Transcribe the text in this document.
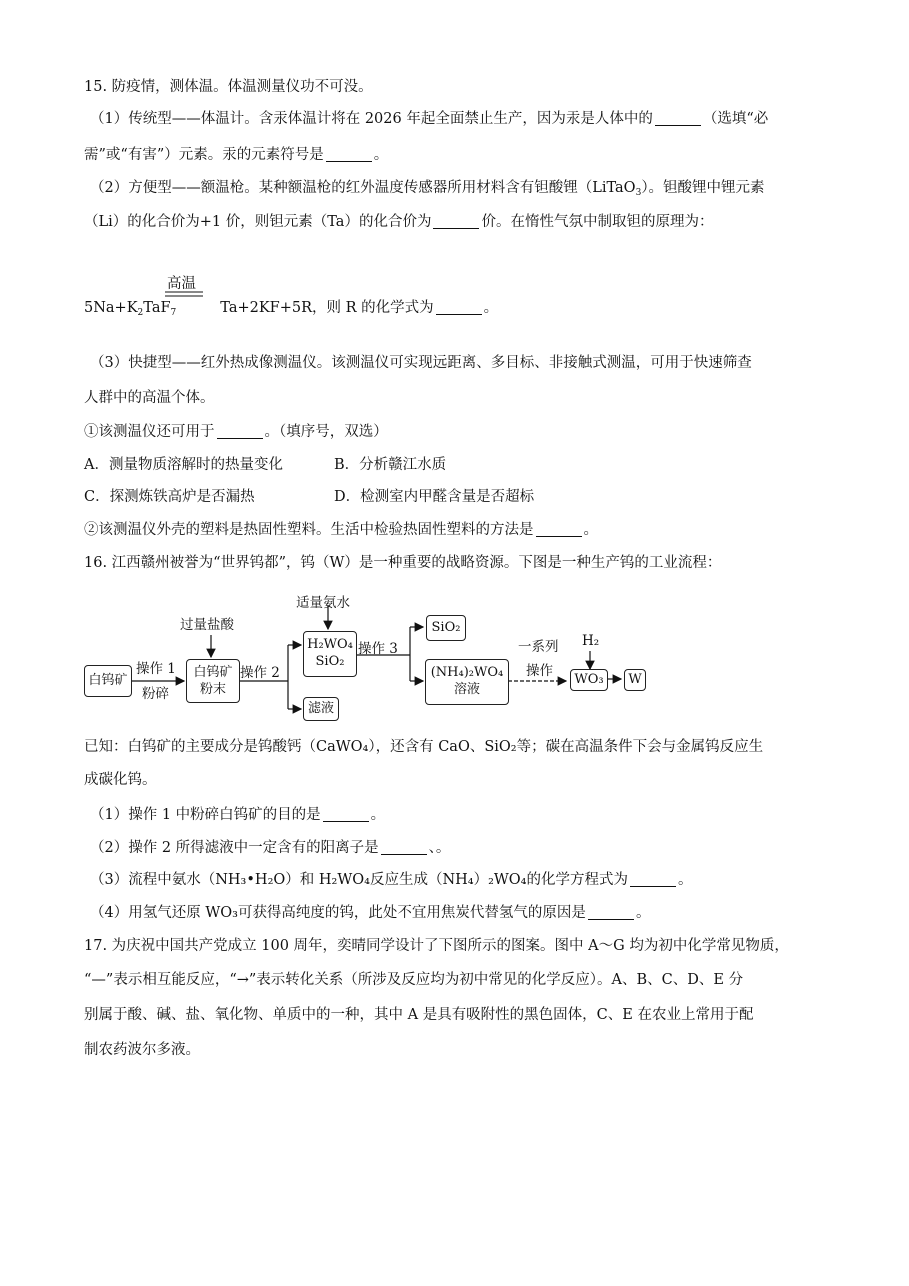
15. 防疫情，测体温。体温测量仪功不可没。
（1）传统型——体温计。含汞体温计将在 2026 年起全面禁止生产，因为汞是人体中的	（选填“必
需”或“有害”）元素。汞的元素符号是	。
（2）方便型——额温枪。某种额温枪的红外温度传感器所用材料含有钽酸锂（LiTaO$_3$）。钽酸锂中锂元素
（Li）的化合价为+1 价，则钽元素（Ta）的化合价为	价。在惰性气氛中制取钽的原理为：
高温
$5Na+K_2TaF_7$	Ta+2KF+5R，则 R 的化学式为	。
（3）快捷型——红外热成像测温仪。该测温仪可实现远距离、多目标、非接触式测温，可用于快速筛查
人群中的高温个体。
①该测温仪还可用于	。（填序号，双选）
A．测量物质溶解时的热量变化	B．分析赣江水质
C．探测炼铁高炉是否漏热	D．检测室内甲醛含量是否超标
②该测温仪外壳的塑料是热固性塑料。生活中检验热固性塑料的方法是	。
16. 江西赣州被誉为“世界钨都”，钨（W）是一种重要的战略资源。下图是一种生产钨的工业流程：
白钨矿
操作 1
粉碎
过量盐酸
白钨矿
粉末
操作 2
适量氨水
H₂WO₄
SiO₂
滤液
操作 3
SiO₂
(NH₄)₂WO₄
溶液
一系列
操作
H₂
WO₃	W
已知：白钨矿的主要成分是钨酸钙（CaWO₄），还含有 CaO、SiO₂等；碳在高温条件下会与金属钨反应生
成碳化钨。
（1）操作 1 中粉碎白钨矿的目的是	。
（2）操作 2 所得滤液中一定含有的阳离子是	、。
（3）流程中氨水（NH₃•H₂O）和 H₂WO₄反应生成（NH₄）₂WO₄的化学方程式为	。
（4）用氢气还原 WO₃可获得高纯度的钨，此处不宜用焦炭代替氢气的原因是	。
17. 为庆祝中国共产党成立 100 周年，奕晴同学设计了下图所示的图案。图中 A～G 均为初中化学常见物质，
“—”表示相互能反应，“→”表示转化关系（所涉及反应均为初中常见的化学反应）。A、B、C、D、E 分
别属于酸、碱、盐、氧化物、单质中的一种，其中 A 是具有吸附性的黑色固体，C、E 在农业上常用于配
制农药波尔多液。
